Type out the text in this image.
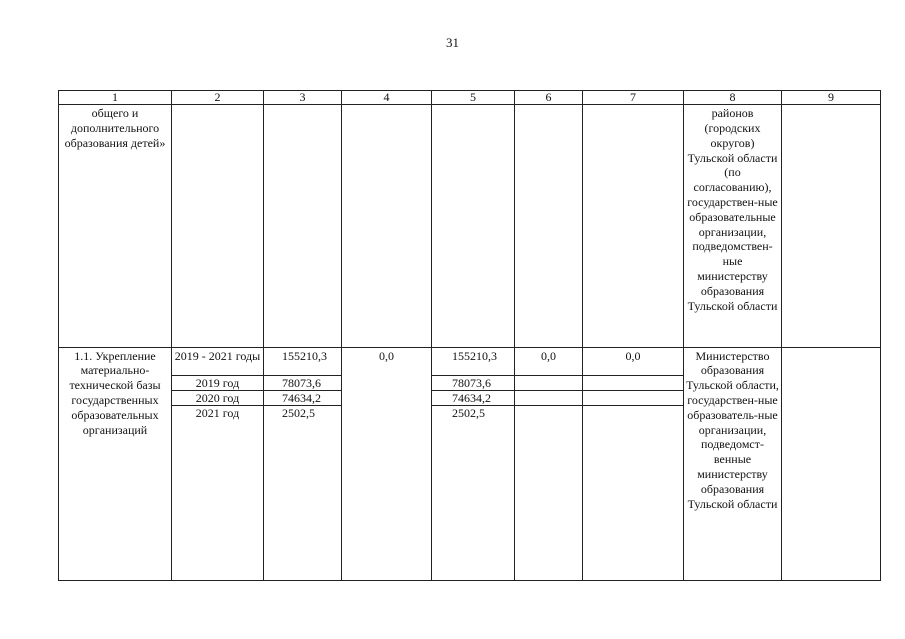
31
1	2	3	4	5	6	7	8	9
общего и дополнительного образования детей»							районов (городских округов) Тульской области (по согласованию), государствен-ные образовательные организации, подведомствен-ные министерству образования Тульской области	
1.1. Укрепление материально-технической базы государственных образовательных организаций	2019 - 2021 годы	155210,3	0,0	155210,3	0,0	0,0	Министерство образования Тульской области, государствен-ные образователь-ные организации, подведомст-венные министерству образования Тульской области	
	2019 год	78073,6		78073,6				
	2020 год	74634,2		74634,2				
	2021 год	2502,5		2502,5				
